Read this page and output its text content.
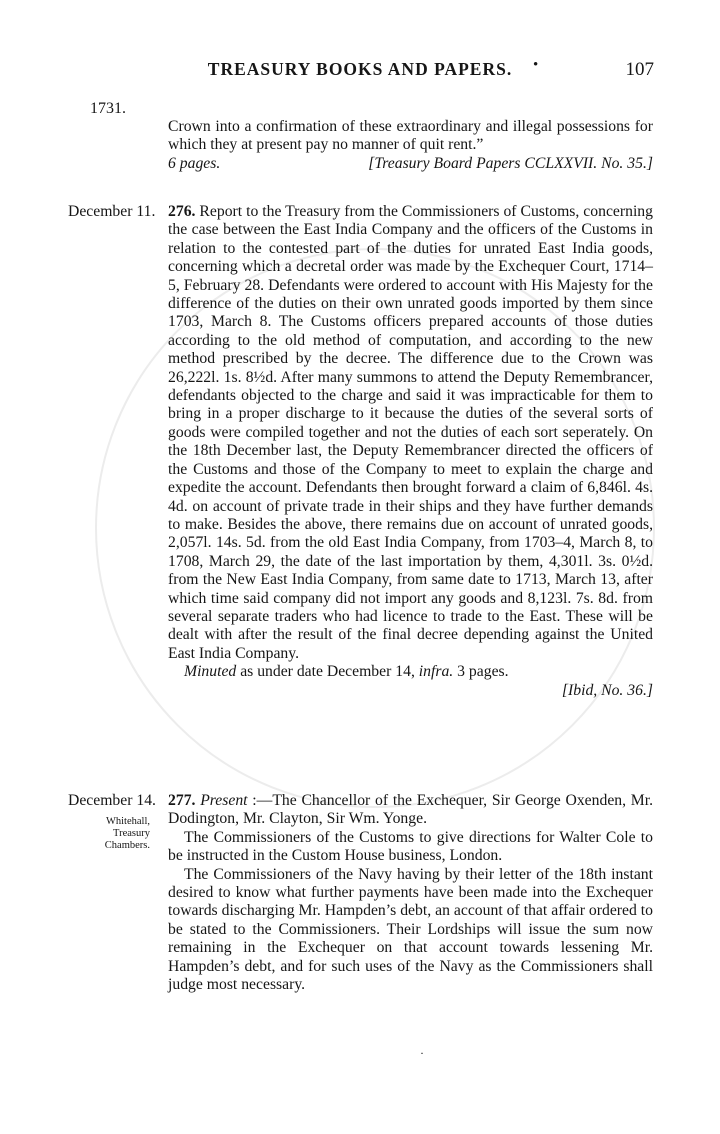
TREASURY BOOKS AND PAPERS.	•	107
1731.

Crown into a confirmation of these extraordinary and illegal possessions for which they at present pay no manner of quit rent.”

6 pages.	[Treasury Board Papers CCLXXVII. No. 35.]
December 11. 276. Report to the Treasury from the Commissioners of Customs, concerning the case between the East India Company and the officers of the Customs in relation to the contested part of the duties for unrated East India goods, concerning which a decretal order was made by the Exchequer Court, 1714–5, February 28. Defendants were ordered to account with His Majesty for the difference of the duties on their own unrated goods imported by them since 1703, March 8. The Customs officers prepared accounts of those duties according to the old method of computation, and according to the new method prescribed by the decree. The difference due to the Crown was 26,222l. 1s. 8½d. After many summons to attend the Deputy Remembrancer, defendants objected to the charge and said it was impracticable for them to bring in a proper discharge to it because the duties of the several sorts of goods were compiled together and not the duties of each sort seperately. On the 18th December last, the Deputy Remembrancer directed the officers of the Customs and those of the Company to meet to explain the charge and expedite the account. Defendants then brought forward a claim of 6,846l. 4s. 4d. on account of private trade in their ships and they have further demands to make. Besides the above, there remains due on account of unrated goods, 2,057l. 14s. 5d. from the old East India Company, from 1703–4, March 8, to 1708, March 29, the date of the last importation by them, 4,301l. 3s. 0½d. from the New East India Company, from same date to 1713, March 13, after which time said company did not import any goods and 8,123l. 7s. 8d. from several separate traders who had licence to trade to the East. These will be dealt with after the result of the final decree depending against the United East India Company.

Minuted as under date December 14, infra. 3 pages.

[Ibid, No. 36.]

December 14.
Whitehall,
Treasury
Chambers.

277. Present :—The Chancellor of the Exchequer, Sir George Oxenden, Mr. Dodington, Mr. Clayton, Sir Wm. Yonge.

The Commissioners of the Customs to give directions for Walter Cole to be instructed in the Custom House business, London.

The Commissioners of the Navy having by their letter of the 18th instant desired to know what further payments have been made into the Exchequer towards discharging Mr. Hampden’s debt, an account of that affair ordered to be stated to the Commissioners. Their Lordships will issue the sum now remaining in the Exchequer on that account towards lessening Mr. Hampden’s debt, and for such uses of the Navy as the Commissioners shall judge most necessary.

·
